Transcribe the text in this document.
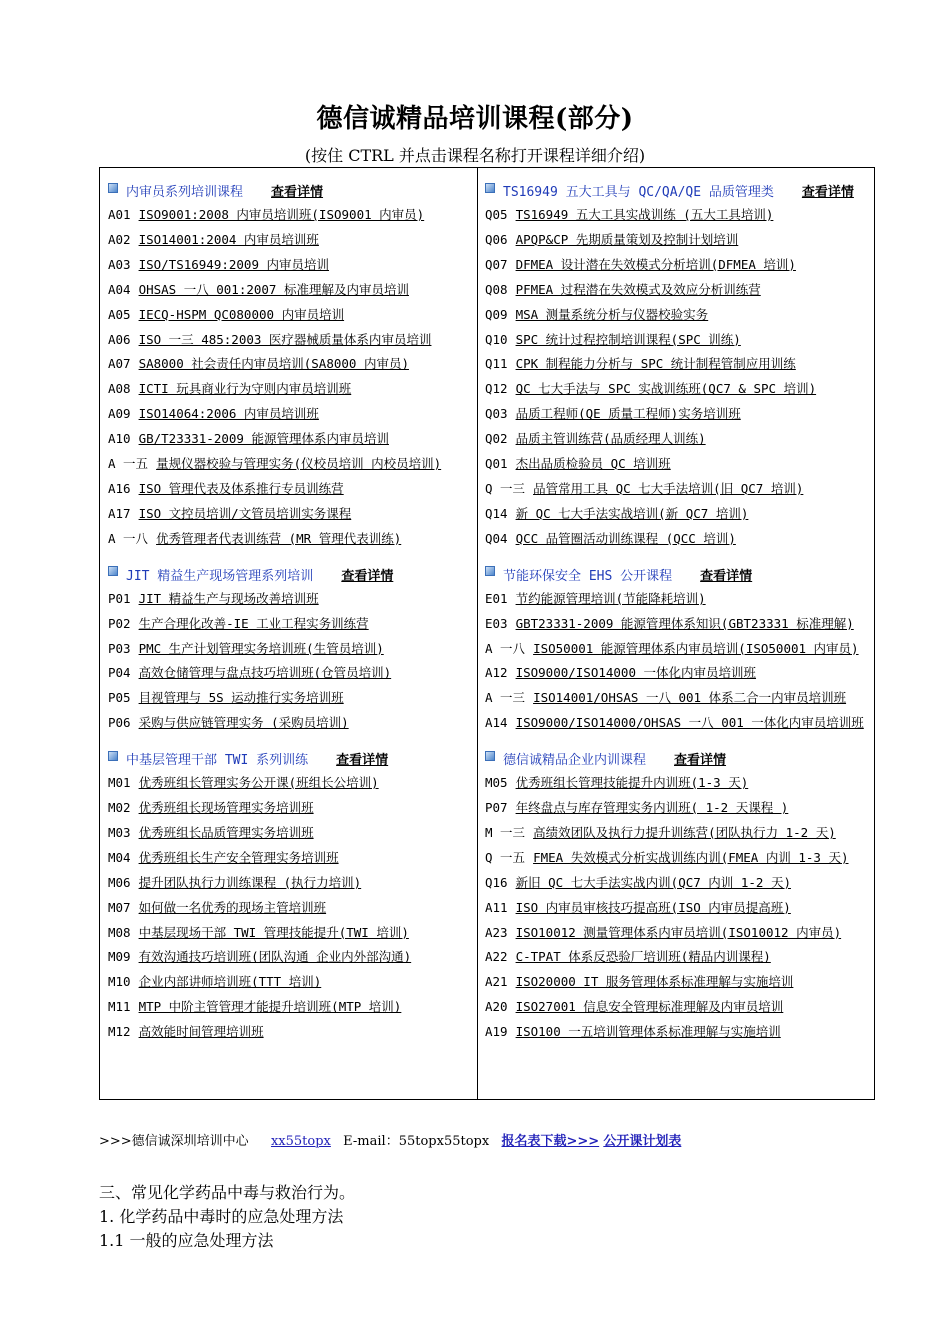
德信诚精品培训课程(部分)
(按住 CTRL 并点击课程名称打开课程详细介绍)
内审员系列培训课程 查看详情
A01 ISO9001:2008 内审员培训班(ISO9001 内审员)
A02 ISO14001:2004 内审员培训班
A03 ISO/TS16949:2009 内审员培训
A04 OHSAS 一八 001:2007 标准理解及内审员培训
A05 IECQ-HSPM QC080000 内审员培训
A06 ISO 一三 485:2003 医疗器械质量体系内审员培训
A07 SA8000 社会责任内审员培训(SA8000 内审员)
A08 ICTI 玩具商业行为守则内审员培训班
A09 ISO14064:2006 内审员培训班
A10 GB/T23331-2009 能源管理体系内审员培训
A 一五 量规仪器校验与管理实务(仪校员培训 内校员培训)
A16 ISO 管理代表及体系推行专员训练营
A17 ISO 文控员培训/文管员培训实务课程
A 一八 优秀管理者代表训练营 (MR 管理代表训练)
JIT 精益生产现场管理系列培训 查看详情
P01 JIT 精益生产与现场改善培训班
P02 生产合理化改善-IE 工业工程实务训练营
P03 PMC 生产计划管理实务培训班(生管员培训)
P04 高效仓储管理与盘点技巧培训班(仓管员培训)
P05 目视管理与 5S 运动推行实务培训班
P06 采购与供应链管理实务 (采购员培训)
中基层管理干部 TWI 系列训练 查看详情
M01 优秀班组长管理实务公开课(班组长公培训)
M02 优秀班组长现场管理实务培训班
M03 优秀班组长品质管理实务培训班
M04 优秀班组长生产安全管理实务培训班
M06 提升团队执行力训练课程 (执行力培训)
M07 如何做一名优秀的现场主管培训班
M08 中基层现场干部 TWI 管理技能提升(TWI 培训)
M09 有效沟通技巧培训班(团队沟通 企业内外部沟通)
M10 企业内部讲师培训班(TTT 培训)
M11 MTP 中阶主管管理才能提升培训班(MTP 培训)
M12 高效能时间管理培训班
TS16949 五大工具与 QC/QA/QE 品质管理类 查看详情
Q05 TS16949 五大工具实战训练 (五大工具培训)
Q06 APQP&CP 先期质量策划及控制计划培训
Q07 DFMEA 设计潜在失效模式分析培训(DFMEA 培训)
Q08 PFMEA 过程潜在失效模式及效应分析训练营
Q09 MSA 测量系统分析与仪器校验实务
Q10 SPC 统计过程控制培训课程(SPC 训练)
Q11 CPK 制程能力分析与 SPC 统计制程管制应用训练
Q12 QC 七大手法与 SPC 实战训练班(QC7 & SPC 培训)
Q03 品质工程师(QE 质量工程师)实务培训班
Q02 品质主管训练营(品质经理人训练)
Q01 杰出品质检验员 QC 培训班
Q 一三 品管常用工具 QC 七大手法培训(旧 QC7 培训)
Q14 新 QC 七大手法实战培训(新 QC7 培训)
Q04 QCC 品管圈活动训练课程 (QCC 培训)
节能环保安全 EHS 公开课程 查看详情
E01 节约能源管理培训(节能降耗培训)
E03 GBT23331-2009 能源管理体系知识(GBT23331 标准理解)
A 一八 ISO50001 能源管理体系内审员培训(ISO50001 内审员)
A12 ISO9000/ISO14000 一体化内审员培训班
A 一三 ISO14001/OHSAS 一八 001 体系二合一内审员培训班
A14 ISO9000/ISO14000/OHSAS 一八 001 一体化内审员培训班
德信诚精品企业内训课程 查看详情
M05 优秀班组长管理技能提升内训班(1-3 天)
P07 年终盘点与库存管理实务内训班( 1-2 天课程 )
M 一三 高绩效团队及执行力提升训练营(团队执行力 1-2 天)
Q 一五 FMEA 失效模式分析实战训练内训(FMEA 内训 1-3 天)
Q16 新旧 QC 七大手法实战内训(QC7 内训 1-2 天)
A11 ISO 内审员审核技巧提高班(ISO 内审员提高班)
A23 ISO10012 测量管理体系内审员培训(ISO10012 内审员)
A22 C-TPAT 体系反恐验厂培训班(精品内训课程)
A21 ISO20000 IT 服务管理体系标准理解与实施培训
A20 ISO27001 信息安全管理标准理解及内审员培训
A19 ISO100 一五培训管理体系标准理解与实施培训
>>>德信诚深圳培训中心 xx55topx E-mail：55topx55topx 报名表下载>>> 公开课计划表
三、常见化学药品中毒与救治行为。
1. 化学药品中毒时的应急处理方法
1.1 一般的应急处理方法
